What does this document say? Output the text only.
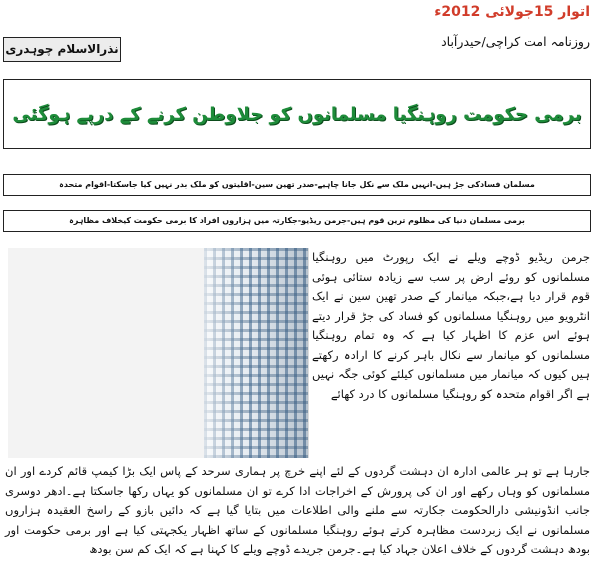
اتوار 15جولائی 2012ء
روزنامہ امت کراچی/حیدرآباد
نذرالاسلام چوہدری
برمی حکومت روہنگیا مسلمانوں کو جلاوطن کرنے کے درپے ہوگئی
مسلمان فسادکی جڑ ہیں-انہیں ملک سے نکل جانا چاہیے-صدر تھین سین-اقلیتوں کو ملک بدر نہیں کیا جاسکتا-اقوام متحدہ
برمی مسلمان دنیا کی مظلوم ترین قوم ہیں-جرمن ریڈیو-جکارتہ میں ہزاروں افراد کا برمی حکومت کیخلاف مظاہرہ

جرمن ریڈیو ڈوچے ویلے نے ایک رپورٹ میں روہنگیا مسلمانوں کو روئے ارض پر سب سے زیادہ ستائی ہوئی قوم قرار دیا ہے،جبکہ میانمار کے صدر تھین سین نے ایک انٹرویو میں روہنگیا مسلمانوں کو فساد کی جڑ قرار دیتے ہوئے اس عزم کا اظہار کیا ہے کہ وہ تمام روہنگیا مسلمانوں کو میانمار سے نکال باہر کرنے کا ارادہ رکھتے ہیں کیوں کہ میانمار میں مسلمانوں کیلئے کوئی جگہ نہیں ہے اگر اقوام متحدہ کو روہنگیا مسلمانوں کا درد کھائے

جارہا ہے تو ہر عالمی ادارہ ان دہشت گردوں کے لئے اپنے خرچ پر ہماری سرحد کے پاس ایک بڑا کیمپ قائم کردے اور ان مسلمانوں کو وہاں رکھے اور ان کی پرورش کے اخراجات ادا کرے تو ان مسلمانوں کو یہاں رکھا جاسکتا ہے۔ادھر دوسری جانب انڈونیشی دارالحکومت جکارتہ سے ملنے والی اطلاعات میں بتایا گیا ہے کہ دائیں بازو کے راسخ العقیدہ ہزاروں مسلمانوں نے ایک زبردست مظاہرہ کرتے ہوئے روہنگیا مسلمانوں کے ساتھ اظہار یکجہتی کیا ہے اور برمی حکومت اور بودھ دہشت گردوں کے خلاف اعلان جہاد کیا ہے۔جرمن جریدے ڈوچے ویلے کا کہنا ہے کہ ایک کم سن بودھ
